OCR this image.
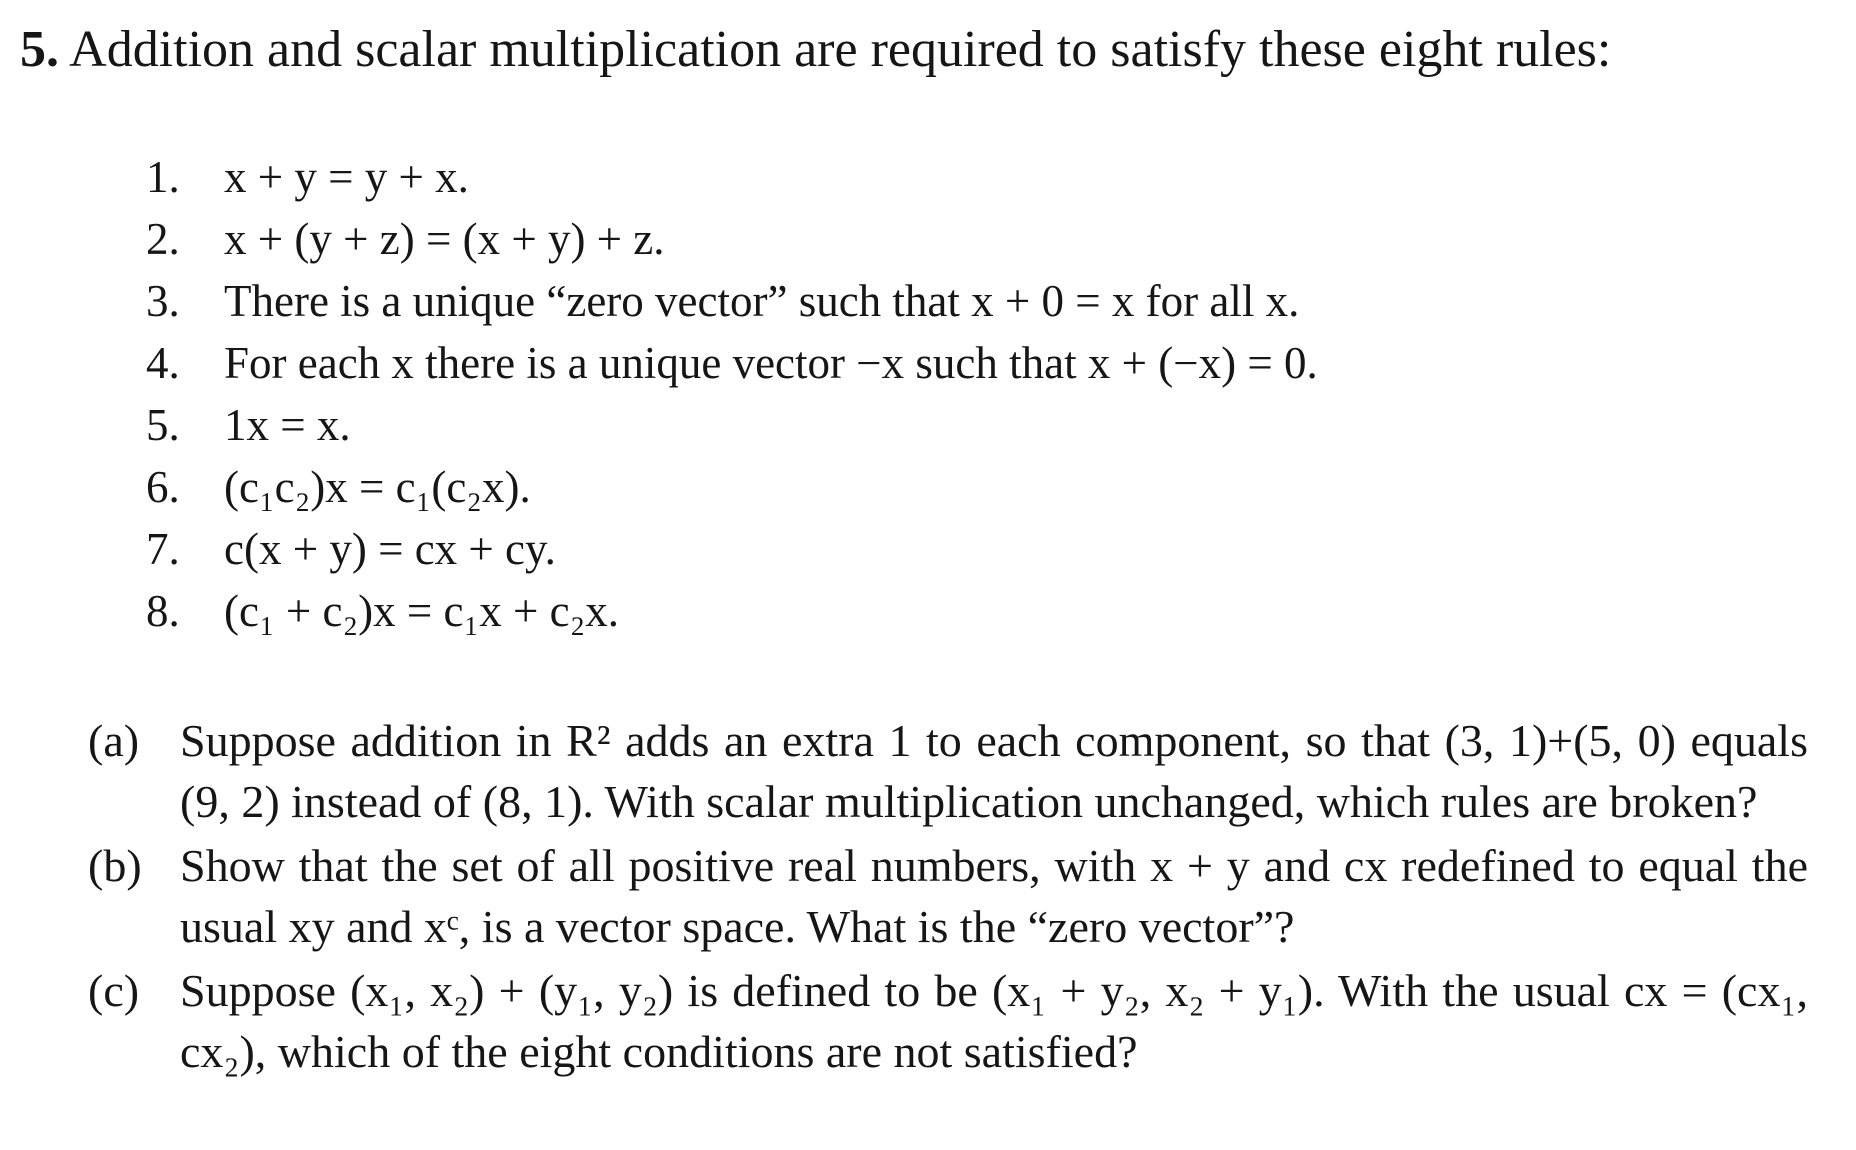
5. Addition and scalar multiplication are required to satisfy these eight rules:
1. x + y = y + x.
2. x + (y + z) = (x + y) + z.
3. There is a unique “zero vector” such that x + 0 = x for all x.
4. For each x there is a unique vector −x such that x + (−x) = 0.
5. 1x = x.
6. (c₁c₂)x = c₁(c₂x).
7. c(x + y) = cx + cy.
8. (c₁ + c₂)x = c₁x + c₂x.
(a) Suppose addition in R² adds an extra 1 to each component, so that (3, 1)+(5, 0) equals (9, 2) instead of (8, 1). With scalar multiplication unchanged, which rules are broken?
(b) Show that the set of all positive real numbers, with x + y and cx redefined to equal the usual xy and xᶜ, is a vector space. What is the “zero vector”?
(c) Suppose (x₁, x₂) + (y₁, y₂) is defined to be (x₁ + y₂, x₂ + y₁). With the usual cx = (cx₁, cx₂), which of the eight conditions are not satisfied?
